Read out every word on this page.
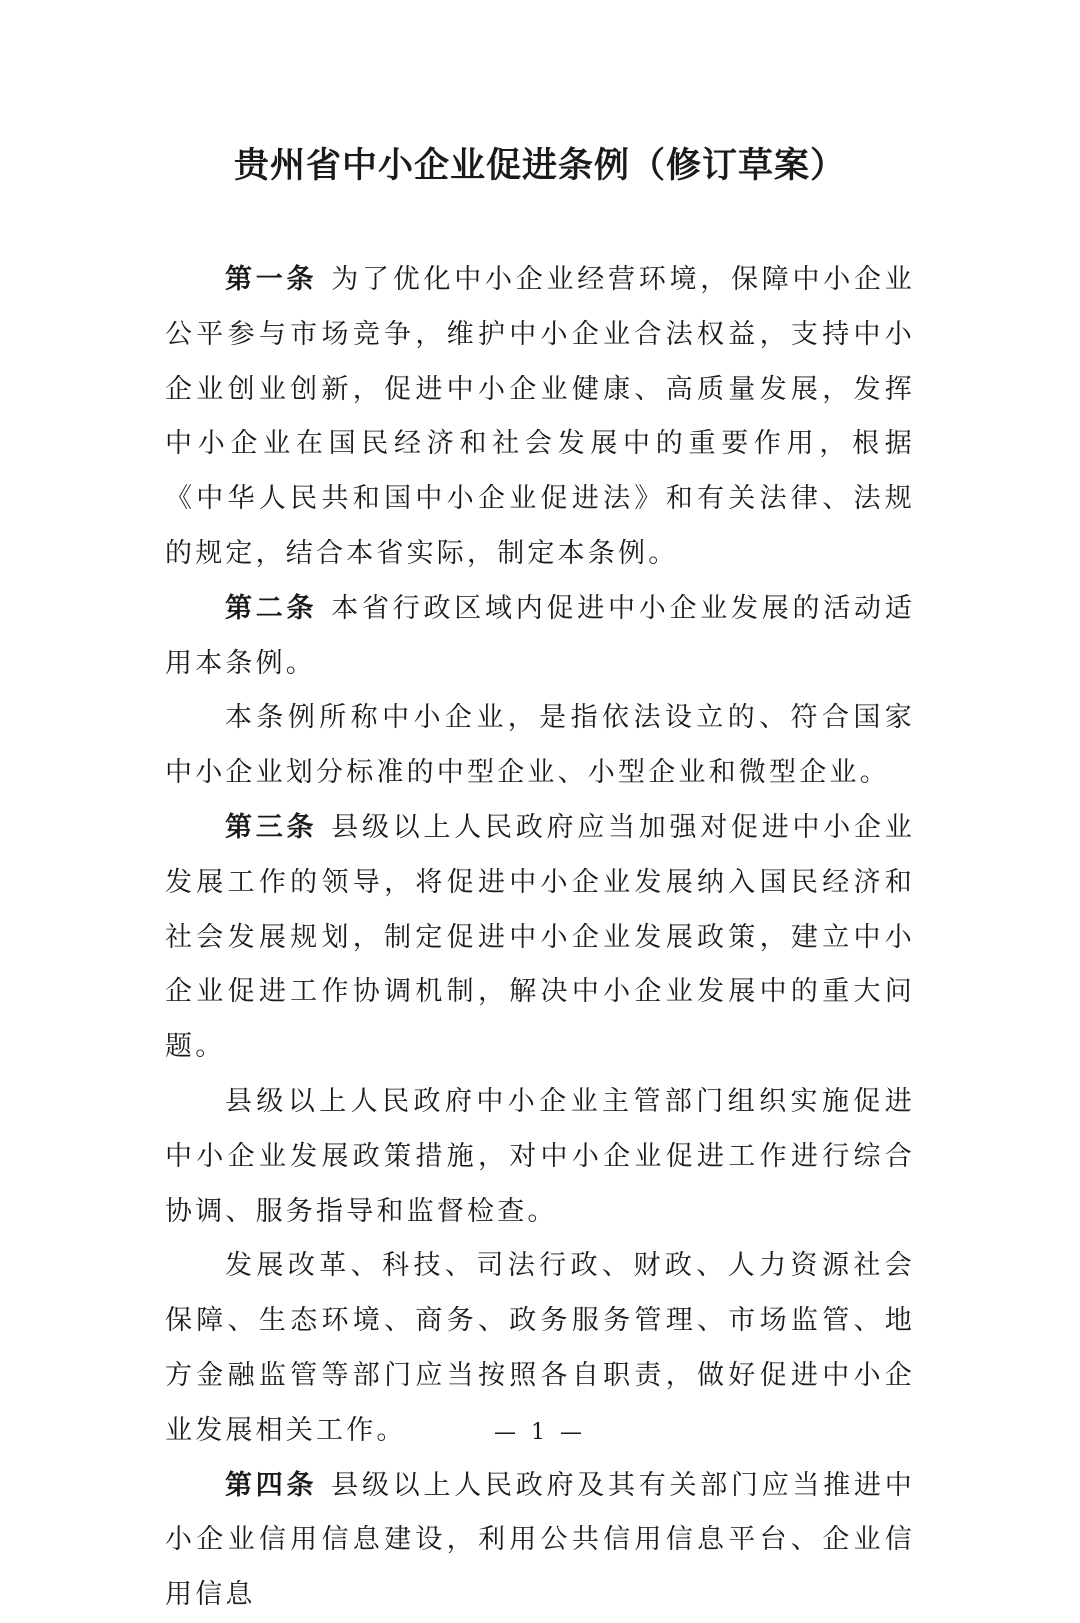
贵州省中小企业促进条例（修订草案）

第一条 为了优化中小企业经营环境，保障中小企业公平参与市场竞争，维护中小企业合法权益，支持中小企业创业创新，促进中小企业健康、高质量发展，发挥中小企业在国民经济和社会发展中的重要作用，根据《中华人民共和国中小企业促进法》和有关法律、法规的规定，结合本省实际，制定本条例。

第二条 本省行政区域内促进中小企业发展的活动适用本条例。

本条例所称中小企业，是指依法设立的、符合国家中小企业划分标准的中型企业、小型企业和微型企业。

第三条 县级以上人民政府应当加强对促进中小企业发展工作的领导，将促进中小企业发展纳入国民经济和社会发展规划，制定促进中小企业发展政策，建立中小企业促进工作协调机制，解决中小企业发展中的重大问题。

县级以上人民政府中小企业主管部门组织实施促进中小企业发展政策措施，对中小企业促进工作进行综合协调、服务指导和监督检查。

发展改革、科技、司法行政、财政、人力资源社会保障、生态环境、商务、政务服务管理、市场监管、地方金融监管等部门应当按照各自职责，做好促进中小企业发展相关工作。

第四条 县级以上人民政府及其有关部门应当推进中小企业信用信息建设，利用公共信用信息平台、企业信用信息

— 1 —
